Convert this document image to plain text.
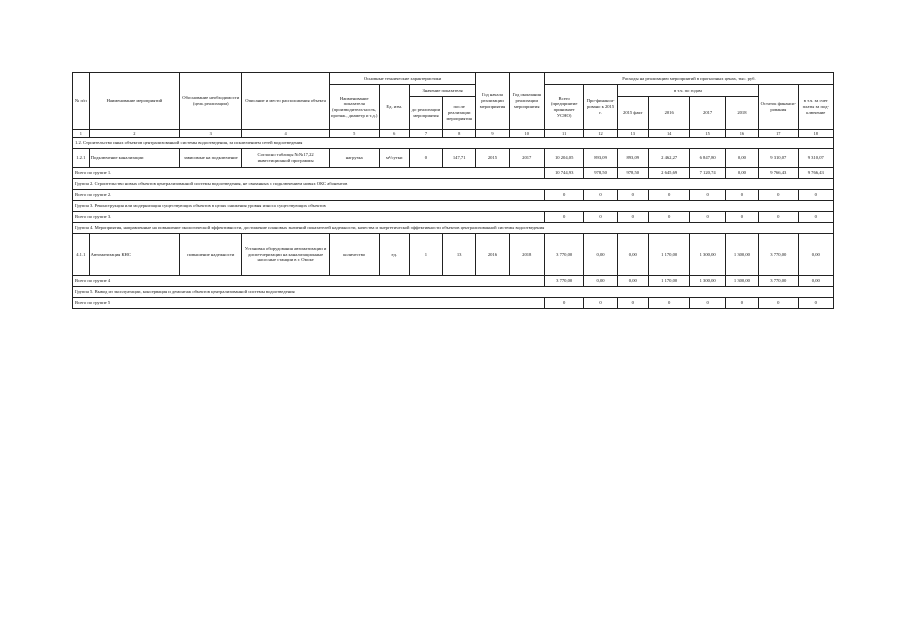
№ п/п	Наименование мероприятий	Обоснование необходимости (цель реализации)	Описание и место расположения объекта	Основные технические характеристики				Год начала реализации мероприятия	Год окончания реализации мероприятия	Расходы на реализацию мероприятий в прогнозных ценах, тыс. руб.							
				Наименование показателя (производитель-ность, протяж., диаметр и т.д.)	Ед. изм.	Значение показателя				Всего (предприятие принимает УСНО)	Про-финанси-ровано к 2015 г.	в т.ч. по годам				Остаток финанси-рования	в т.ч. за счет платы за под-ключение
						до реализации мероприятия	после реализации мероприятия					2015 факт	2016	2017	2018		
1	2	3	4	5	6	7	8	9	10	11	12	13	14	15	16	17	18
1.2. Строительство иных объектов централизованной системы водоотведения, за исключением сетей водоотведения																	
1.2.1	Подключение канализации	зависимые на подключение	Согласно таблицы №№17,22 инвестиционной программы	нагрузка	м³/сутки	0	147,71	2015	2017	10 204,05	893,09	893,09	2 462,27	6 847,80	0,00	9 310,07	9 310,07
Всего по группе 1.										10 744,93	978,50	978,50	2 645,69	7 120,74	0,00	9 766,43	9 766,43
Группа 2. Строительство новых объектов централизованной системы водоотведения, не связанных с подключением новых ОКС абонентов																	
Всего по группе 2.										0	0	0	0	0	0	0	0
Группа 3. Реконструкция или модернизация существующих объектов в целях снижения уровня износа существующих объектов																	
Всего по группе 3.										0	0	0	0	0	0	0	0
Группа 4. Мероприятия, направленные на повышение экологической эффективности, достижение плановых значений показателей надежности, качества и энергетической эффективности объектов централизованной системы водоотведения																	
4.1.1	Автоматизация КНС	повышение надежности	Установка оборудования автоматизации и диспетчеризации на канализационные насосные станции в г. Омске	количество	ед.	1	13	2016	2018	3 770,00	0,00	0,00	1 170,00	1 300,00	1 300,00	3 770,00	0,00
Всего по группе 4										3 770,00	0,00	0,00	1 170,00	1 300,00	1 300,00	3 770,00	0,00
Группа 5. Вывод из эксплуатации, консервация и демонтаж объектов централизованной системы водоотведения																	
Всего по группе 5										0	0	0	0	0	0	0	0
